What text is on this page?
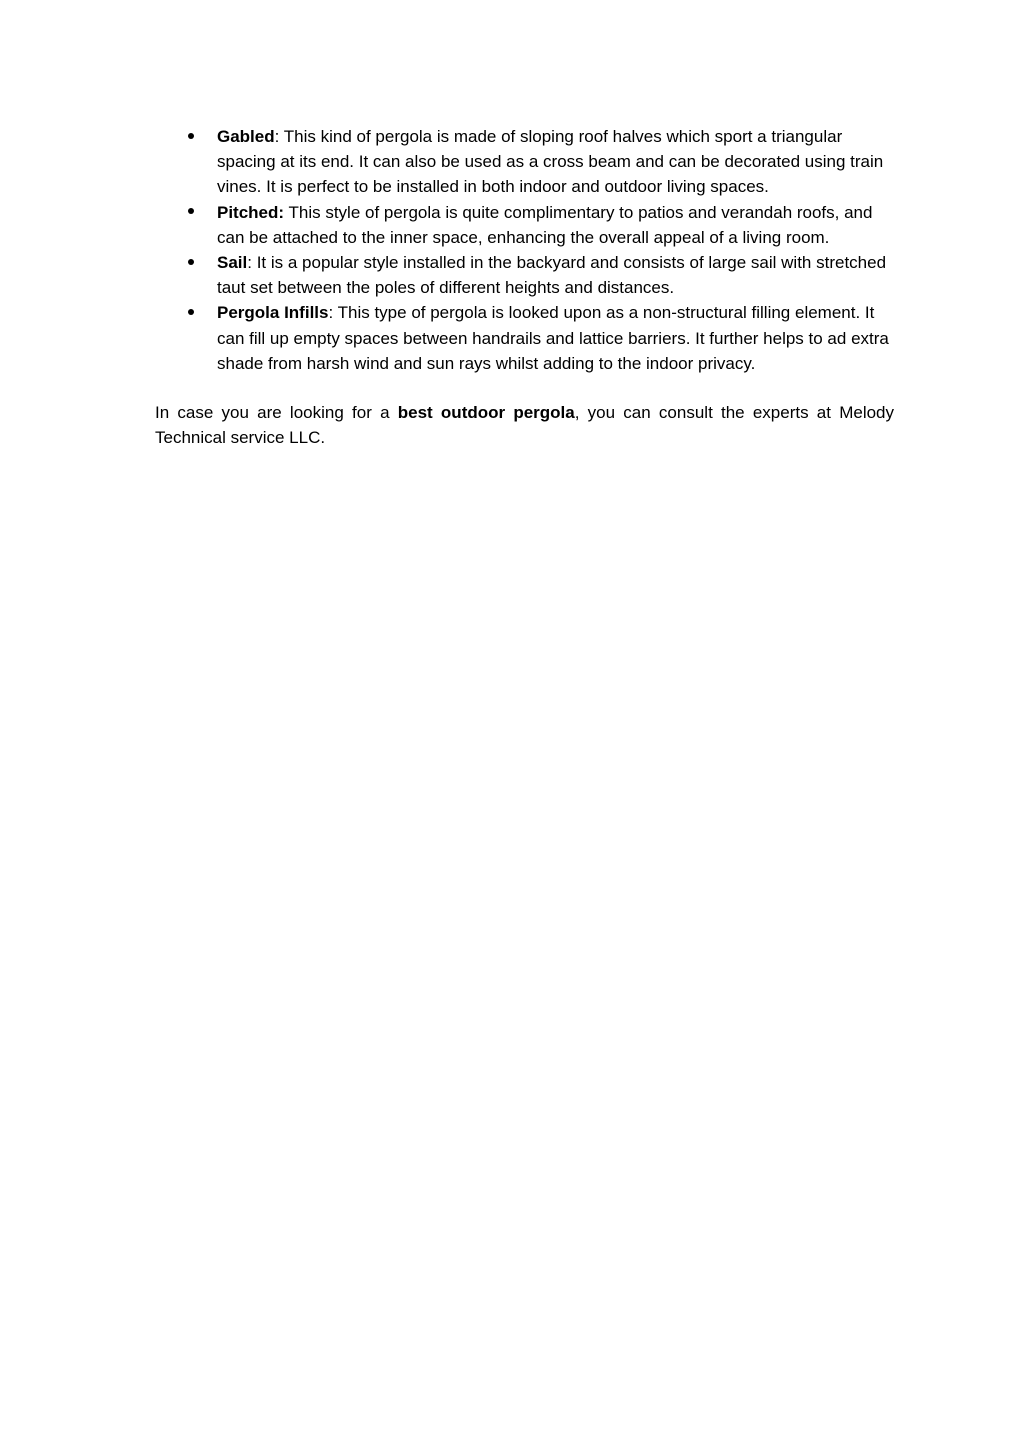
Gabled: This kind of pergola is made of sloping roof halves which sport a triangular spacing at its end. It can also be used as a cross beam and can be decorated using train vines. It is perfect to be installed in both indoor and outdoor living spaces.
Pitched: This style of pergola is quite complimentary to patios and verandah roofs, and can be attached to the inner space, enhancing the overall appeal of a living room.
Sail: It is a popular style installed in the backyard and consists of large sail with stretched taut set between the poles of different heights and distances.
Pergola Infills: This type of pergola is looked upon as a non-structural filling element. It can fill up empty spaces between handrails and lattice barriers. It further helps to ad extra shade from harsh wind and sun rays whilst adding to the indoor privacy.

In case you are looking for a best outdoor pergola, you can consult the experts at Melody Technical service LLC.
